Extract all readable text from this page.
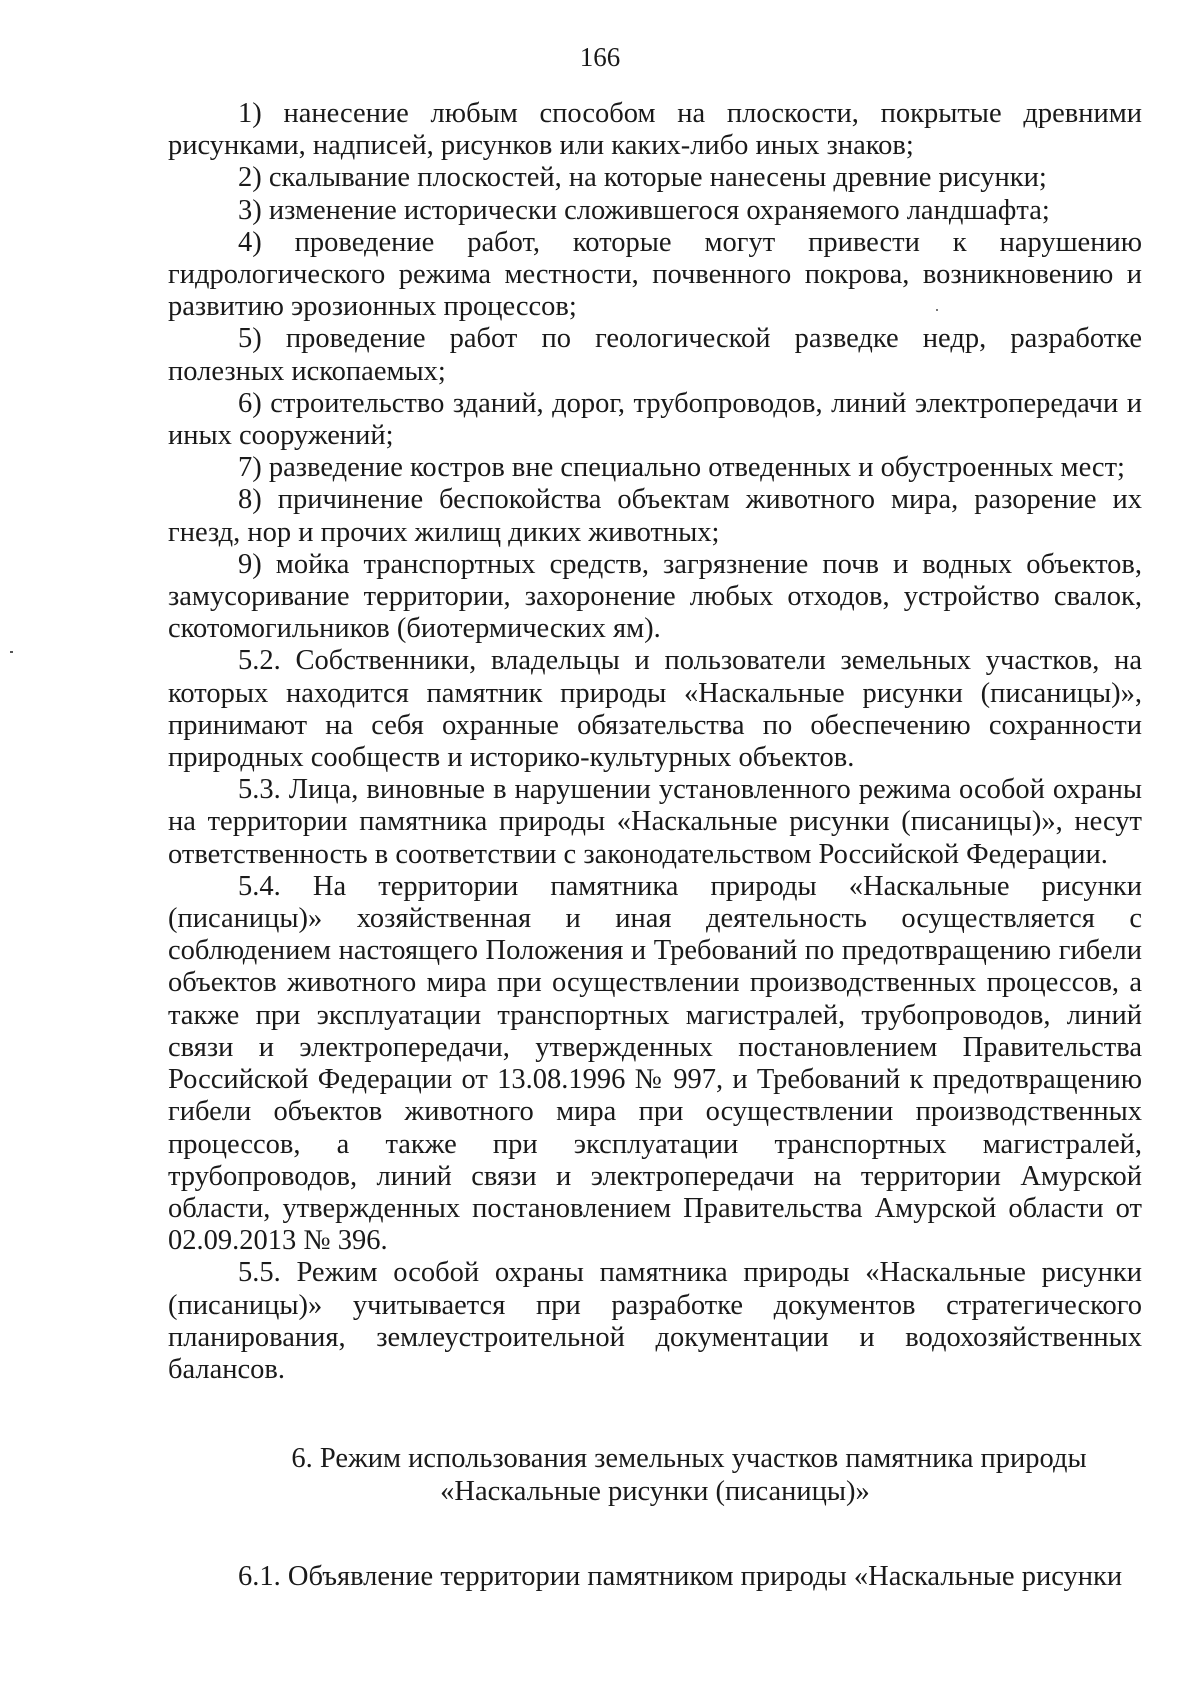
166

1) нанесение любым способом на плоскости, покрытые древними рисунками, надписей, рисунков или каких-либо иных знаков;

2) скалывание плоскостей, на которые нанесены древние рисунки;

3) изменение исторически сложившегося охраняемого ландшафта;

4) проведение работ, которые могут привести к нарушению гидрологического режима местности, почвенного покрова, возникновению и развитию эрозионных процессов;

5) проведение работ по геологической разведке недр, разработке полезных ископаемых;

6) строительство зданий, дорог, трубопроводов, линий электропередачи и иных сооружений;

7) разведение костров вне специально отведенных и обустроенных мест;

8) причинение беспокойства объектам животного мира, разорение их гнезд, нор и прочих жилищ диких животных;

9) мойка транспортных средств, загрязнение почв и водных объектов, замусоривание территории, захоронение любых отходов, устройство свалок, скотомогильников (биотермических ям).

5.2. Собственники, владельцы и пользователи земельных участков, на которых находится памятник природы «Наскальные рисунки (писаницы)», принимают на себя охранные обязательства по обеспечению сохранности природных сообществ и историко-культурных объектов.

5.3. Лица, виновные в нарушении установленного режима особой охраны на территории памятника природы «Наскальные рисунки (писаницы)», несут ответственность в соответствии с законодательством Российской Федерации.

5.4. На территории памятника природы «Наскальные рисунки (писаницы)» хозяйственная и иная деятельность осуществляется с соблюдением настоящего Положения и Требований по предотвращению гибели объектов животного мира при осуществлении производственных процессов, а также при эксплуатации транспортных магистралей, трубопроводов, линий связи и электропередачи, утвержденных постановлением Правительства Российской Федерации от 13.08.1996 № 997, и Требований к предотвращению гибели объектов животного мира при осуществлении производственных процессов, а также при эксплуатации транспортных магистралей, трубопроводов, линий связи и электропередачи на территории Амурской области, утвержденных постановлением Правительства Амурской области от 02.09.2013 № 396.

5.5. Режим особой охраны памятника природы «Наскальные рисунки (писаницы)» учитывается при разработке документов стратегического планирования, землеустроительной документации и водохозяйственных балансов.

6. Режим использования земельных участков памятника природы
«Наскальные рисунки (писаницы)»

6.1. Объявление территории памятником природы «Наскальные рисунки
